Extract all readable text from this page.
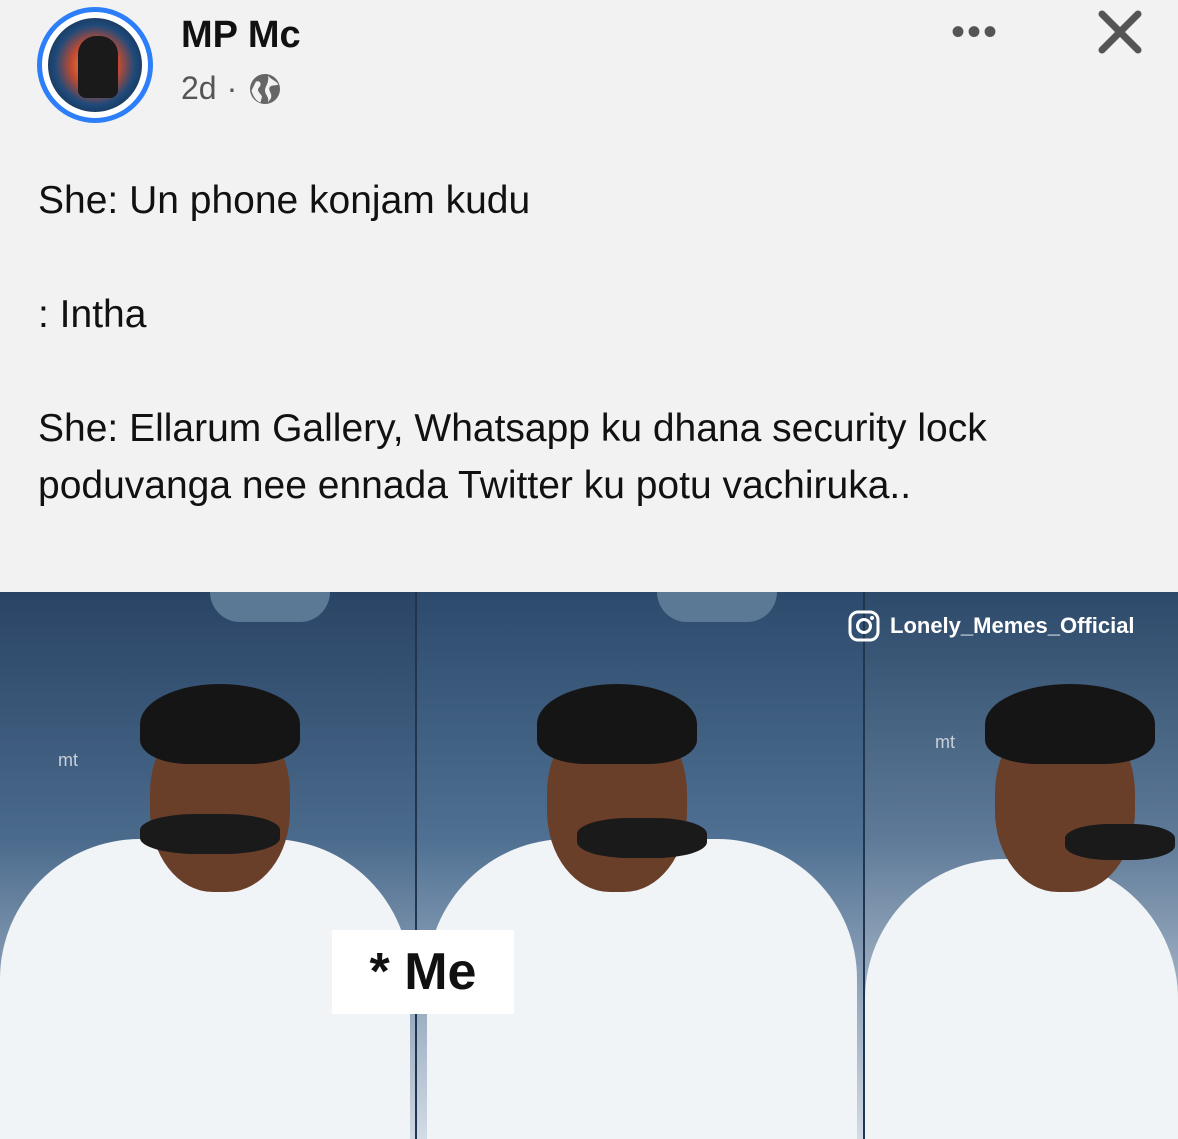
MP Mc
2d ·
•••

She: Un phone konjam kudu

: Intha

She: Ellarum Gallery, Whatsapp ku dhana security lock poduvanga nee ennada Twitter ku potu vachiruka..

mt
mt
Lonely_Memes_Official
* Me
